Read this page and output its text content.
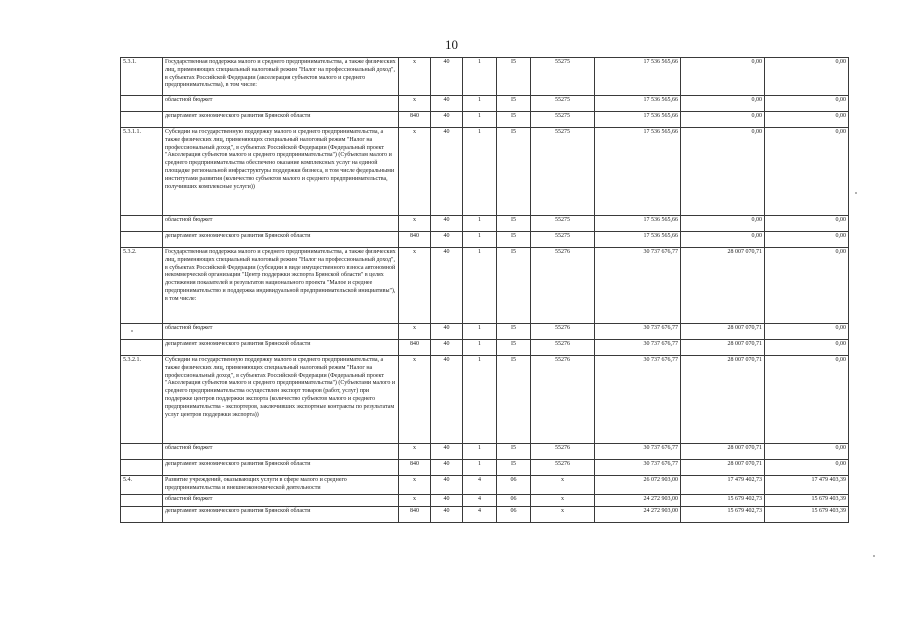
10
5.3.1.	Государственная поддержка малого и среднего предпринимательства, а также физических лиц, применяющих специальный налоговый режим "Налог на профессиональный доход", в субъектах Российской Федерации (акселерация субъектов малого и среднего предпринимательства), в том числе:	x	40	1	I5	55275	17 536 565,66	0,00	0,00
	областной бюджет	x	40	1	I5	55275	17 536 565,66	0,00	0,00
	департамент экономического развития Брянской области	840	40	1	I5	55275	17 536 565,66	0,00	0,00
5.3.1.1.	Субсидии на государственную поддержку малого и среднего предпринимательства, а также физических лиц, применяющих специальный налоговый режим "Налог на профессиональный доход", в субъектах Российской Федерации (Федеральный проект "Акселерация субъектов малого и среднего предпринимательства") (Субъектам малого и среднего предпринимательства обеспечено оказание комплексных услуг на единой площадке региональной инфраструктуры поддержки бизнеса, в том числе федеральными институтами развития (количество субъектов малого и среднего предпринимательства, получивших комплексные услуги))	x	40	1	I5	55275	17 536 565,66	0,00	0,00
	областной бюджет	x	40	1	I5	55275	17 536 565,66	0,00	0,00
	департамент экономического развития Брянской области	840	40	1	I5	55275	17 536 565,66	0,00	0,00
5.3.2.	Государственная поддержка малого и среднего предпринимательства, а также физических лиц, применяющих специальный налоговый режим "Налог на профессиональный доход", в субъектах Российской Федерации (субсидии в виде имущественного взноса автономной некоммерческой организации "Центр поддержки экспорта Брянской области" в целях достижения показателей и результатов национального проекта "Малое и среднее предпринимательство и поддержка индивидуальной предпринимательской инициативы"), в том числе:	x	40	1	I5	55276	30 737 676,77	28 007 070,71	0,00
	областной бюджет	x	40	1	I5	55276	30 737 676,77	28 007 070,71	0,00
	департамент экономического развития Брянской области	840	40	1	I5	55276	30 737 676,77	28 007 070,71	0,00
5.3.2.1.	Субсидии на государственную поддержку малого и среднего предпринимательства, а также физических лиц, применяющих специальный налоговый режим "Налог на профессиональный доход", в субъектах Российской Федерации (Федеральный проект "Акселерация субъектов малого и среднего предпринимательства") (Субъектами малого и среднего предпринимательства осуществлен экспорт товаров (работ, услуг) при поддержке центров поддержки экспорта (количество субъектов малого и среднего предпринимательства - экспортеров, заключивших экспортные контракты по результатам услуг центров поддержки экспорта))	x	40	1	I5	55276	30 737 676,77	28 007 070,71	0,00
	областной бюджет	x	40	1	I5	55276	30 737 676,77	28 007 070,71	0,00
	департамент экономического развития Брянской области	840	40	1	I5	55276	30 737 676,77	28 007 070,71	0,00
5.4.	Развитие учреждений, оказывающих услуги в сфере малого и среднего предпринимательства и внешнеэкономической деятельности	x	40	4	06	x	26 072 903,00	17 479 402,73	17 479 403,39
	областной бюджет	x	40	4	06	x	24 272 903,00	15 679 402,73	15 679 403,39
	департамент экономического развития Брянской области	840	40	4	06	x	24 272 903,00	15 679 402,73	15 679 403,39
